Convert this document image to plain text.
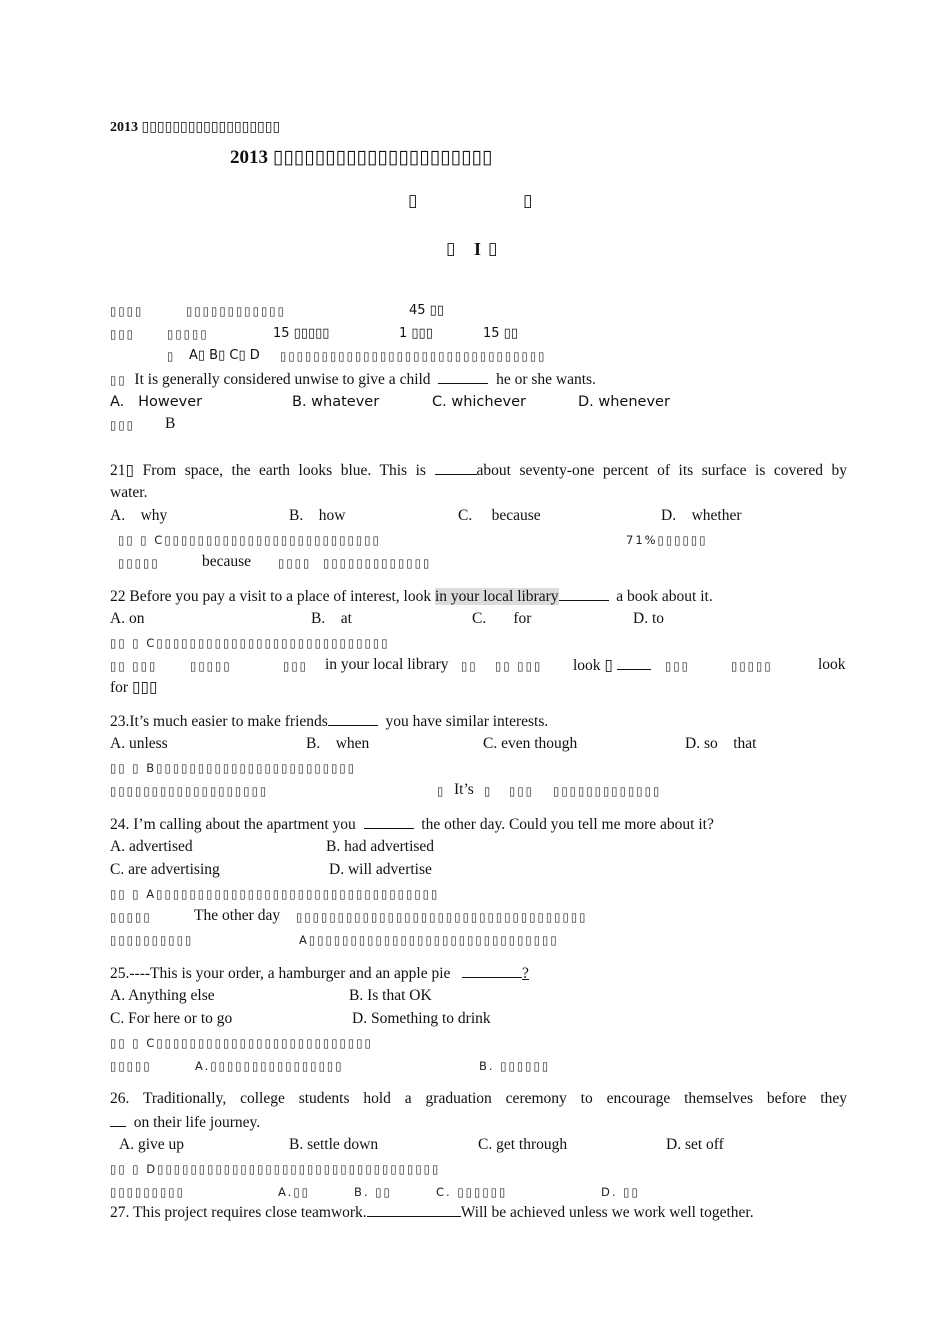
2013 ▯▯▯▯▯▯▯▯▯▯▯▯▯▯▯▯▯▯
2013 ▯▯▯▯▯▯▯▯▯▯▯▯▯▯▯▯▯▯▯▯▯
▯	▯
▯ I ▯
▯▯▯▯	▯▯▯▯▯▯▯▯▯▯▯▯	45 ▯▯
▯▯▯	▯▯▯▯▯	15 ▯▯▯▯▯	1 ▯▯▯	15 ▯▯
▯ A▯ B▯ C▯ D ▯▯▯▯▯▯▯▯▯▯▯▯▯▯▯▯▯▯▯▯▯▯▯▯▯▯▯▯▯▯▯▯
▯▯ It is generally considered unwise to give a child	he or she wants.
A.   However	B. whatever	C. whichever	D. whenever
▯▯▯ B
21▯ From space, the earth looks blue. This is	about seventy-one percent of its surface is covered by
water.
A. why	B. how	C. because	D. whether
▯▯ ▯ C▯▯▯▯▯▯▯▯▯▯▯▯▯▯▯▯▯▯▯▯▯▯▯▯▯▯	71%▯▯▯▯▯▯
▯▯▯▯▯	because ▯▯▯▯ ▯▯▯▯▯▯▯▯▯▯▯▯▯
22 Before you pay a visit to a place of interest, look in your local library	a book about it.
A. on	B.    at	C.       for	D. to
▯▯ ▯ C▯▯▯▯▯▯▯▯▯▯▯▯▯▯▯▯▯▯▯▯▯▯▯▯▯▯▯▯
▯▯ ▯▯▯	▯▯▯▯▯	▯▯▯ in your local library ▯▯ ▯▯ ▯▯▯ look ▯	▯▯▯	▯▯▯▯▯	look
for ▯▯▯
23.It’s much easier to make friends	you have similar interests.
A. unless	B.    when	C. even though	D. so    that
▯▯ ▯ B▯▯▯▯▯▯▯▯▯▯▯▯▯▯▯▯▯▯▯▯▯▯▯▯
▯▯▯▯▯▯▯▯▯▯▯▯▯▯▯▯▯▯▯	▯ It’s ▯ ▯▯▯ ▯▯▯▯▯▯▯▯▯▯▯▯▯
24. I’m calling about the apartment you	the other day. Could you tell me more about it?
A. advertised	B. had advertised
C. are advertising	D. will advertise
▯▯ ▯ A▯▯▯▯▯▯▯▯▯▯▯▯▯▯▯▯▯▯▯▯▯▯▯▯▯▯▯▯▯▯▯▯▯▯
▯▯▯▯▯	The other day ▯▯▯▯▯▯▯▯▯▯▯▯▯▯▯▯▯▯▯▯▯▯▯▯▯▯▯▯▯▯▯▯▯▯▯
▯▯▯▯▯▯▯▯▯▯	A▯▯▯▯▯▯▯▯▯▯▯▯▯▯▯▯▯▯▯▯▯▯▯▯▯▯▯▯▯▯
25.----This is your order, a hamburger and an apple pie	?
A. Anything else	B. Is that OK
C. For here or to go	D. Something to drink
▯▯ ▯ C▯▯▯▯▯▯▯▯▯▯▯▯▯▯▯▯▯▯▯▯▯▯▯▯▯▯
▯▯▯▯▯	A.▯▯▯▯▯▯▯▯▯▯▯▯▯▯▯▯	B. ▯▯▯▯▯▯
26. Traditionally, college students hold a graduation ceremony to encourage themselves before they
on their life journey.
A. give up	B. settle down	C. get through	D. set off
▯▯ ▯ D▯▯▯▯▯▯▯▯▯▯▯▯▯▯▯▯▯▯▯▯▯▯▯▯▯▯▯▯▯▯▯▯▯▯
▯▯▯▯▯▯▯▯▯	A.▯▯	B. ▯▯	C. ▯▯▯▯▯▯	D. ▯▯
27. This project requires close teamwork.	Will be achieved unless we work well together.
